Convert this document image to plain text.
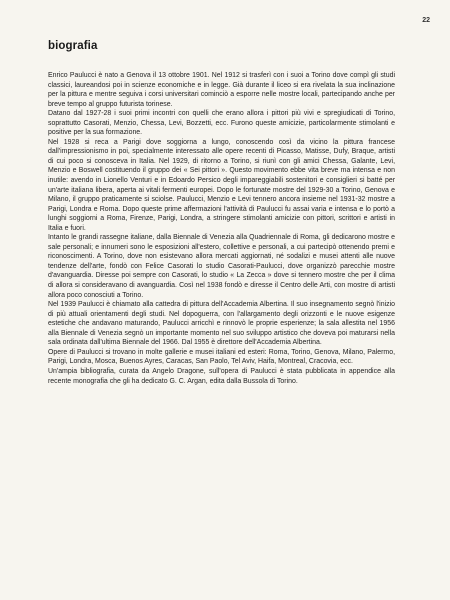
22
biografia

Enrico Paulucci è nato a Genova il 13 ottobre 1901. Nel 1912 si trasferì con i suoi a Torino dove compì gli studi classici, laureandosi poi in scienze economiche e in legge. Già durante il liceo si era rivelata la sua inclinazione per la pittura e mentre seguiva i corsi universitari cominciò a esporre nelle mostre locali, partecipando anche per breve tempo al gruppo futurista torinese.

Datano dal 1927-28 i suoi primi incontri con quelli che erano allora i pittori più vivi e spregiudicati di Torino, soprattutto Casorati, Menzio, Chessa, Levi, Bozzetti, ecc. Furono queste amicizie, particolarmente stimolanti e positive per la sua formazione.

Nel 1928 si reca a Parigi dove soggiorna a lungo, conoscendo così da vicino la pittura francese dall'impressionismo in poi, specialmente interessato alle opere recenti di Picasso, Matisse, Dufy, Braque, artisti di cui poco si conosceva in Italia. Nel 1929, di ritorno a Torino, si riunì con gli amici Chessa, Galante, Levi, Menzio e Boswell costituendo il gruppo dei « Sei pittori ». Questo movimento ebbe vita breve ma intensa e non inutile: avendo in Lionello Venturi e in Edoardo Persico degli impareggiabili sostenitori e consiglieri si batté per un'arte italiana libera, aperta ai vitali fermenti europei. Dopo le fortunate mostre del 1929-30 a Torino, Genova e Milano, il gruppo praticamente si sciolse. Paulucci, Menzio e Levi tennero ancora insieme nel 1931-32 mostre a Parigi, Londra e Roma. Dopo queste prime affermazioni l'attività di Paulucci fu assai varia e intensa e lo portò a lunghi soggiorni a Roma, Firenze, Parigi, Londra, a stringere stimolanti amicizie con pittori, scrittori e artisti in Italia e fuori.

Intanto le grandi rassegne italiane, dalla Biennale di Venezia alla Quadriennale di Roma, gli dedicarono mostre e sale personali; e innumeri sono le esposizioni all'estero, collettive e personali, a cui partecipò ottenendo premi e riconoscimenti. A Torino, dove non esistevano allora mercati aggiornati, né sodalizi e musei attenti alle nuove tendenze dell'arte, fondò con Felice Casorati lo studio Casorati-Paulucci, dove organizzò parecchie mostre d'avanguardia. Diresse poi sempre con Casorati, lo studio « La Zecca » dove si tennero mostre che per il clima di allora si consideravano di avanguardia. Così nel 1938 fondò e diresse il Centro delle Arti, con mostre di artisti allora poco conosciuti a Torino.

Nel 1939 Paulucci è chiamato alla cattedra di pittura dell'Accademia Albertina. Il suo insegnamento segnò l'inizio di più attuali orientamenti degli studi. Nel dopoguerra, con l'allargamento degli orizzonti e le nuove esigenze estetiche che andavano maturando, Paulucci arricchì e rinnovò le proprie esperienze; la sala allestita nel 1956 alla Biennale di Venezia segnò un importante momento nel suo sviluppo artistico che doveva poi maturarsi nella sala ordinata dall'ultima Biennale del 1966. Dal 1955 è direttore dell'Accademia Albertina.

Opere di Paulucci si trovano in molte gallerie e musei italiani ed esteri: Roma, Torino, Genova, Milano, Palermo, Parigi, Londra, Mosca, Buenos Ayres, Caracas, San Paolo, Tel Aviv, Haifa, Montreal, Cracovia, ecc.

Un'ampia bibliografia, curata da Angelo Dragone, sull'opera di Paulucci è stata pubblicata in appendice alla recente monografia che gli ha dedicato G. C. Argan, edita dalla Bussola di Torino.
